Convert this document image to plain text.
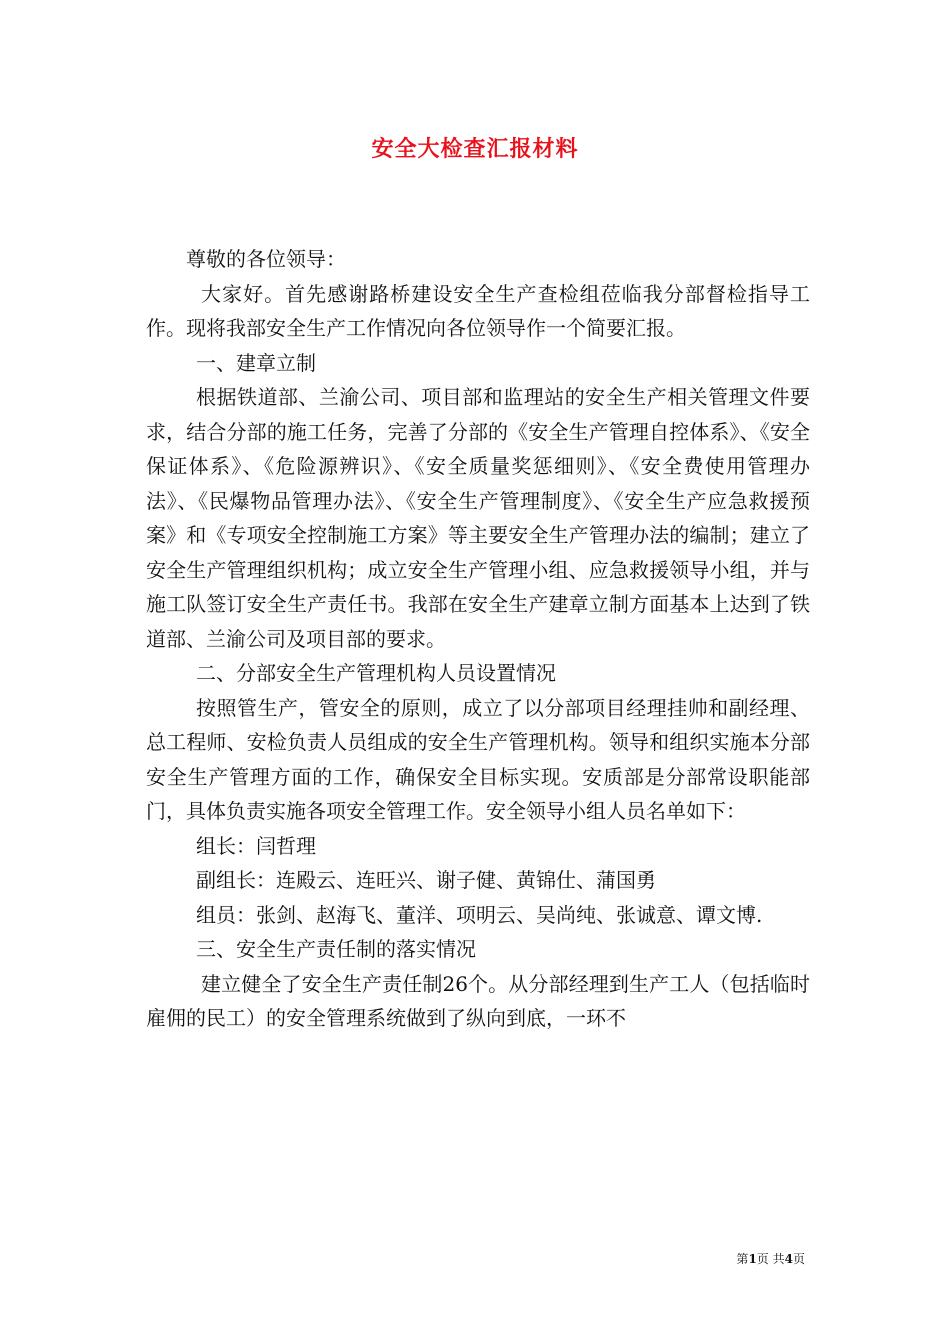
安全大检查汇报材料

尊敬的各位领导：

大家好。首先感谢路桥建设安全生产查检组莅临我分部督检指导工作。现将我部安全生产工作情况向各位领导作一个简要汇报。

一、建章立制

根据铁道部、兰渝公司、项目部和监理站的安全生产相关管理文件要求，结合分部的施工任务，完善了分部的《安全生产管理自控体系》、《安全保证体系》、《危险源辨识》、《安全质量奖惩细则》、《安全费使用管理办法》、《民爆物品管理办法》、《安全生产管理制度》、《安全生产应急救援预案》和《专项安全控制施工方案》等主要安全生产管理办法的编制；建立了安全生产管理组织机构；成立安全生产管理小组、应急救援领导小组，并与施工队签订安全生产责任书。我部在安全生产建章立制方面基本上达到了铁道部、兰渝公司及项目部的要求。

二、分部安全生产管理机构人员设置情况

按照管生产，管安全的原则，成立了以分部项目经理挂帅和副经理、总工程师、安检负责人员组成的安全生产管理机构。领导和组织实施本分部安全生产管理方面的工作，确保安全目标实现。安质部是分部常设职能部门，具体负责实施各项安全管理工作。安全领导小组人员名单如下：

组长：闫哲理

副组长：连殿云、连旺兴、谢子健、黄锦仕、蒲国勇

组员：张剑、赵海飞、董洋、项明云、吴尚纯、张诚意、谭文博.

三、安全生产责任制的落实情况

建立健全了安全生产责任制26个。从分部经理到生产工人（包括临时雇佣的民工）的安全管理系统做到了纵向到底，一环不

第1页 共4页
